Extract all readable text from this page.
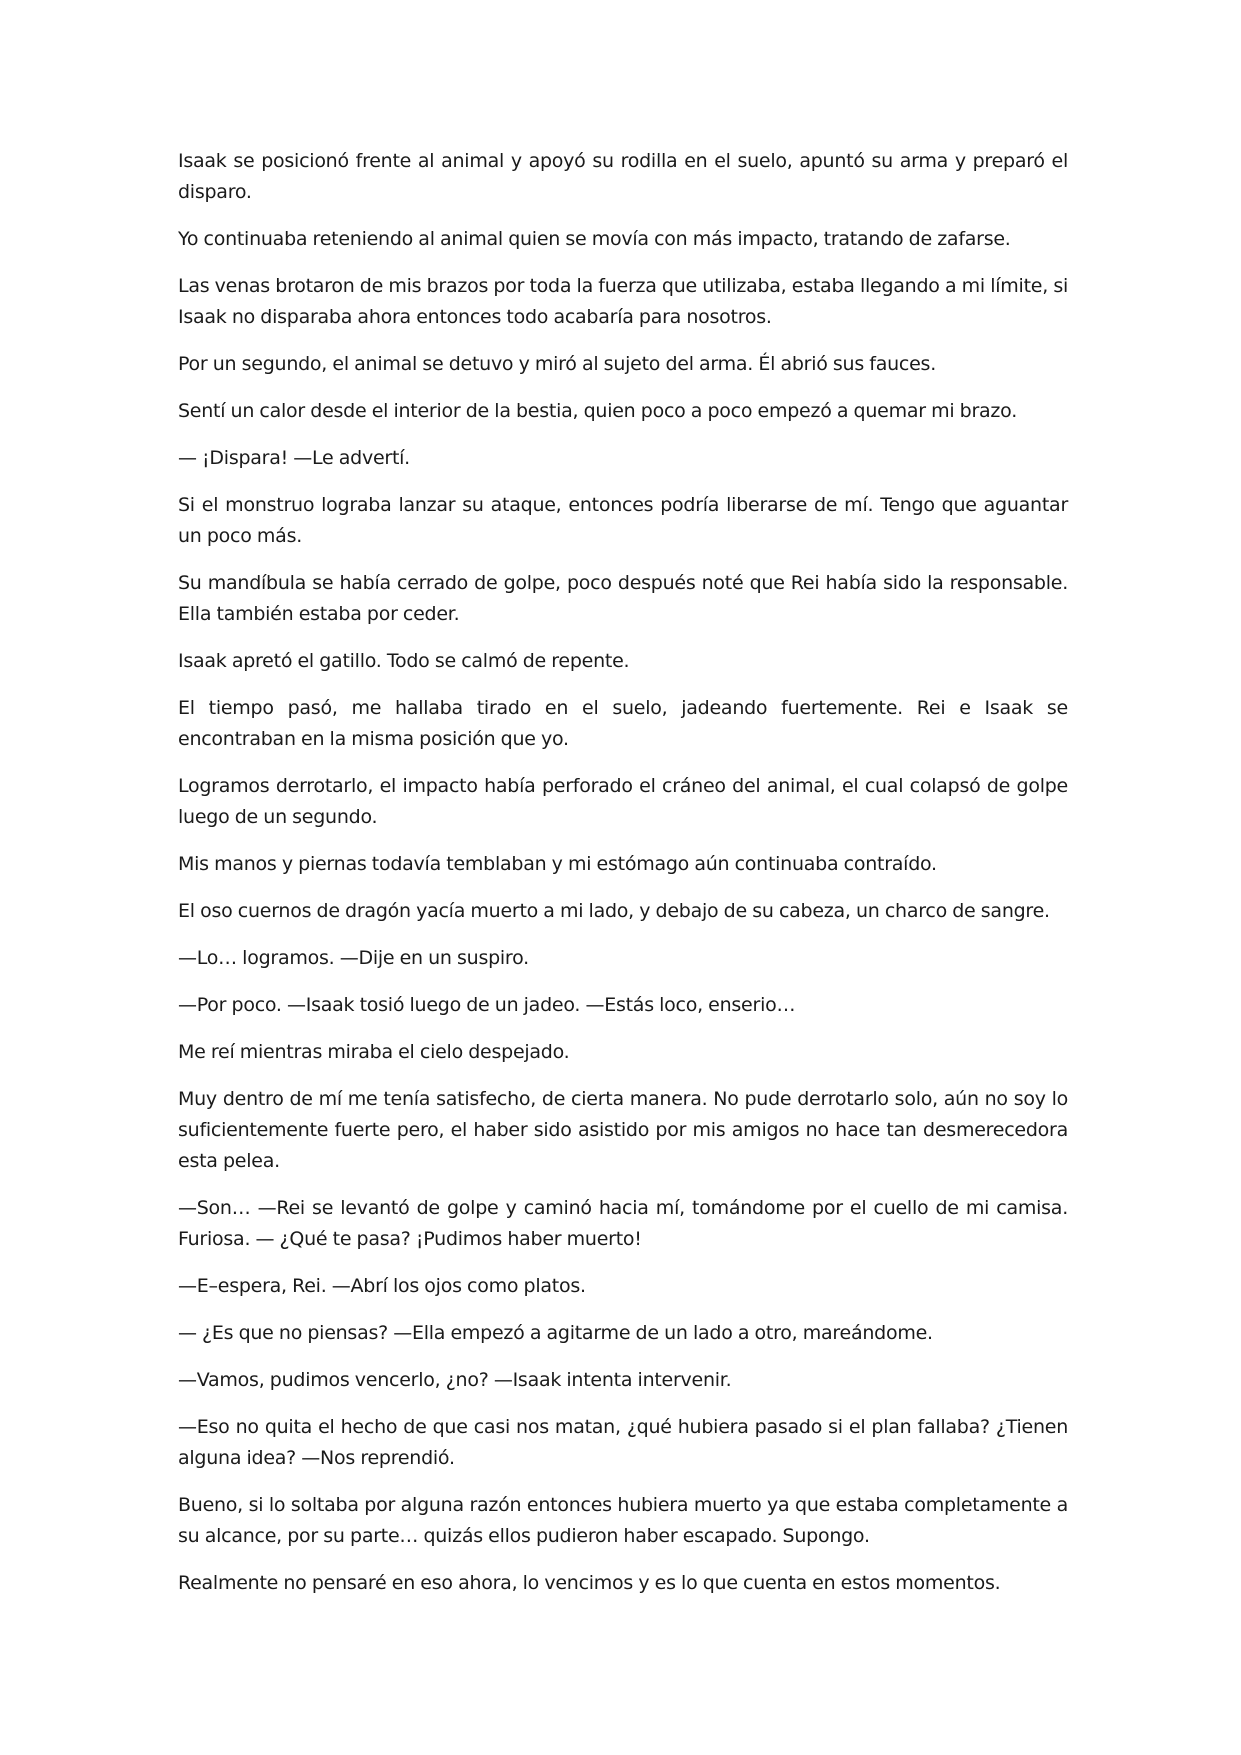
Isaak se posicionó frente al animal y apoyó su rodilla en el suelo, apuntó su arma y preparó el disparo.

Yo continuaba reteniendo al animal quien se movía con más impacto, tratando de zafarse.

Las venas brotaron de mis brazos por toda la fuerza que utilizaba, estaba llegando a mi límite, si Isaak no disparaba ahora entonces todo acabaría para nosotros.

Por un segundo, el animal se detuvo y miró al sujeto del arma. Él abrió sus fauces.

Sentí un calor desde el interior de la bestia, quien poco a poco empezó a quemar mi brazo.

— ¡Dispara! —Le advertí.

Si el monstruo lograba lanzar su ataque, entonces podría liberarse de mí. Tengo que aguantar un poco más.

Su mandíbula se había cerrado de golpe, poco después noté que Rei había sido la responsable. Ella también estaba por ceder.

Isaak apretó el gatillo. Todo se calmó de repente.

El tiempo pasó, me hallaba tirado en el suelo, jadeando fuertemente. Rei e Isaak se encontraban en la misma posición que yo.

Logramos derrotarlo, el impacto había perforado el cráneo del animal, el cual colapsó de golpe luego de un segundo.

Mis manos y piernas todavía temblaban y mi estómago aún continuaba contraído.

El oso cuernos de dragón yacía muerto a mi lado, y debajo de su cabeza, un charco de sangre.

—Lo… logramos. —Dije en un suspiro.

—Por poco. —Isaak tosió luego de un jadeo. —Estás loco, enserio…

Me reí mientras miraba el cielo despejado.

Muy dentro de mí me tenía satisfecho, de cierta manera. No pude derrotarlo solo, aún no soy lo suficientemente fuerte pero, el haber sido asistido por mis amigos no hace tan desmerecedora esta pelea.

—Son… —Rei se levantó de golpe y caminó hacia mí, tomándome por el cuello de mi camisa. Furiosa. — ¿Qué te pasa? ¡Pudimos haber muerto!

—E–espera, Rei. —Abrí los ojos como platos.

— ¿Es que no piensas? —Ella empezó a agitarme de un lado a otro, mareándome.

—Vamos, pudimos vencerlo, ¿no? —Isaak intenta intervenir.

—Eso no quita el hecho de que casi nos matan, ¿qué hubiera pasado si el plan fallaba? ¿Tienen alguna idea? —Nos reprendió.

Bueno, si lo soltaba por alguna razón entonces hubiera muerto ya que estaba completamente a su alcance, por su parte… quizás ellos pudieron haber escapado. Supongo.

Realmente no pensaré en eso ahora, lo vencimos y es lo que cuenta en estos momentos.
